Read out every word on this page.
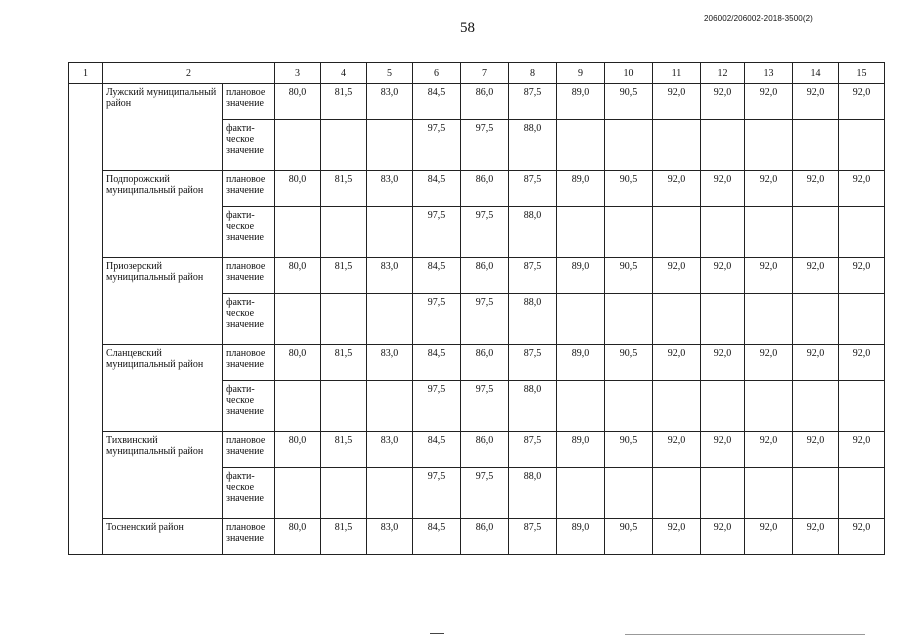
58
206002/206002-2018-3500(2)
1	2		3	4	5	6	7	8	9	10	11	12	13	14	15
	Лужский муниципальный район	плановое значение	80,0	81,5	83,0	84,5	86,0	87,5	89,0	90,5	92,0	92,0	92,0	92,0	92,0
		факти-ческое значение				97,5	97,5	88,0							
	Подпорожский муниципальный район	плановое значение	80,0	81,5	83,0	84,5	86,0	87,5	89,0	90,5	92,0	92,0	92,0	92,0	92,0
		факти-ческое значение				97,5	97,5	88,0							
	Приозерский муниципальный район	плановое значение	80,0	81,5	83,0	84,5	86,0	87,5	89,0	90,5	92,0	92,0	92,0	92,0	92,0
		факти-ческое значение				97,5	97,5	88,0							
	Сланцевский муниципальный район	плановое значение	80,0	81,5	83,0	84,5	86,0	87,5	89,0	90,5	92,0	92,0	92,0	92,0	92,0
		факти-ческое значение				97,5	97,5	88,0							
	Тихвинский муниципальный район	плановое значение	80,0	81,5	83,0	84,5	86,0	87,5	89,0	90,5	92,0	92,0	92,0	92,0	92,0
		факти-ческое значение				97,5	97,5	88,0							
	Тосненский район	плановое значение	80,0	81,5	83,0	84,5	86,0	87,5	89,0	90,5	92,0	92,0	92,0	92,0	92,0
